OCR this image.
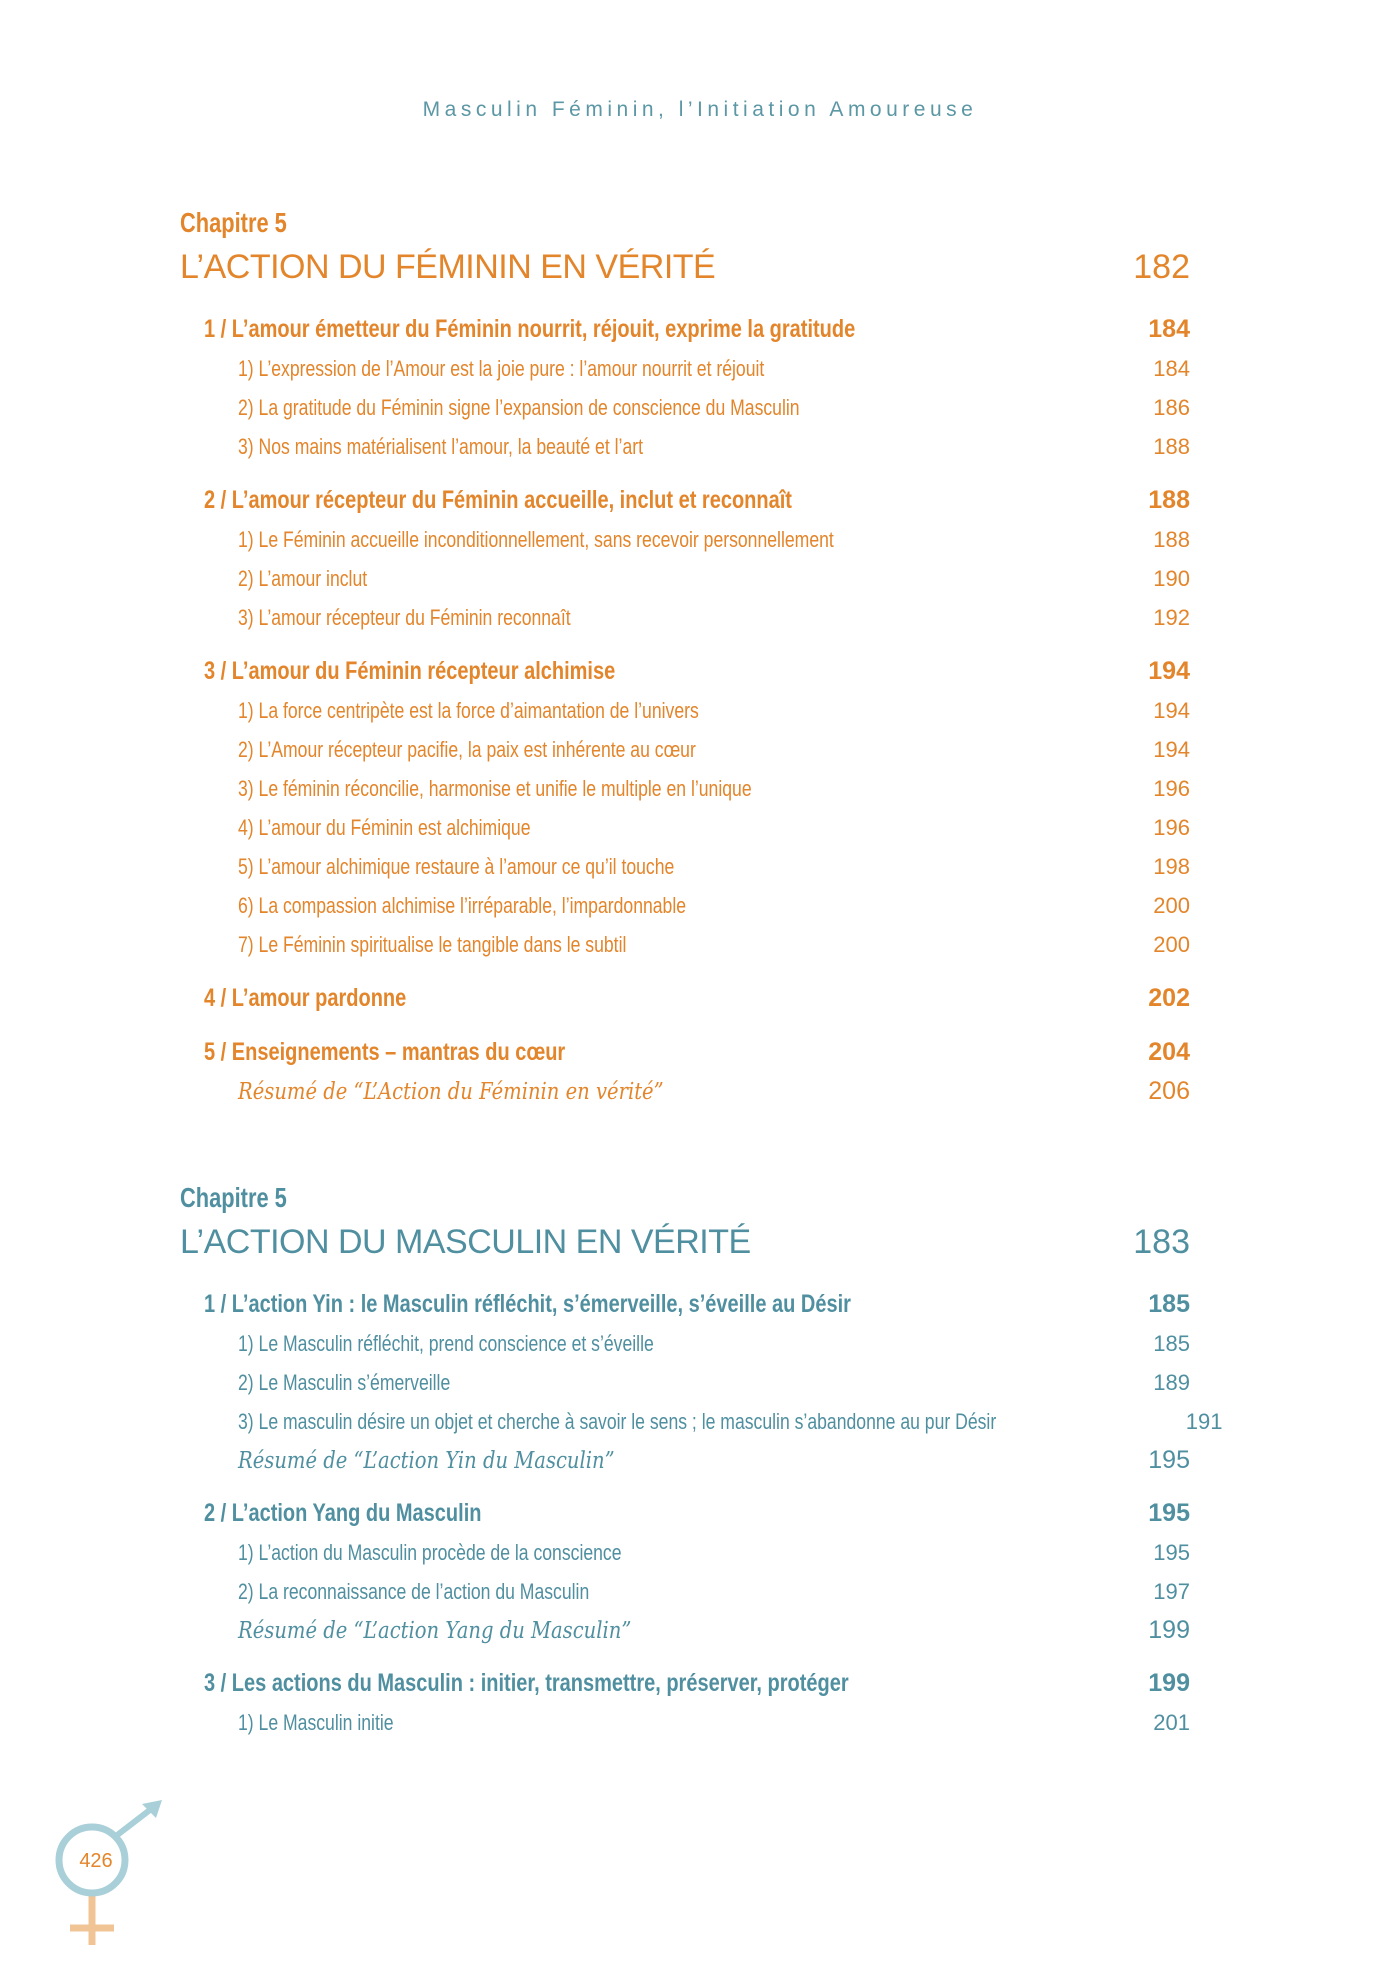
Masculin Féminin, l’Initiation Amoureuse
Chapitre 5
L’ACTION DU FÉMININ EN VÉRITÉ	182
1 / L’amour émetteur du Féminin nourrit, réjouit, exprime la gratitude	184
1) L’expression de l’Amour est la joie pure : l’amour nourrit et réjouit	184
2) La gratitude du Féminin signe l’expansion de conscience du Masculin	186
3) Nos mains matérialisent l’amour, la beauté et l’art	188
2 / L’amour récepteur du Féminin accueille, inclut et reconnaît	188
1) Le Féminin accueille inconditionnellement, sans recevoir personnellement	188
2) L’amour inclut	190
3) L’amour récepteur du Féminin reconnaît	192
3 / L’amour du Féminin récepteur alchimise	194
1) La force centripète est la force d’aimantation de l’univers	194
2) L’Amour récepteur pacifie, la paix est inhérente au cœur	194
3) Le féminin réconcilie, harmonise et unifie le multiple en l’unique	196
4) L’amour du Féminin est alchimique	196
5) L’amour alchimique restaure à l’amour ce qu’il touche	198
6) La compassion alchimise l’irréparable, l’impardonnable	200
7) Le Féminin spiritualise le tangible dans le subtil	200
4 / L’amour pardonne	202
5 / Enseignements – mantras du cœur	204
Résumé de “L’Action du Féminin en vérité”	206
Chapitre 5
L’ACTION DU MASCULIN EN VÉRITÉ	183
1 / L’action Yin : le Masculin réfléchit, s’émerveille, s’éveille au Désir	185
1) Le Masculin réfléchit, prend conscience et s’éveille	185
2) Le Masculin s’émerveille	189
3) Le masculin désire un objet et cherche à savoir le sens ; le masculin s’abandonne au pur Désir	191
Résumé de “L’action Yin du Masculin”	195
2 / L’action Yang du Masculin	195
1) L’action du Masculin procède de la conscience	195
2) La reconnaissance de l’action du Masculin	197
Résumé de “L’action Yang du Masculin”	199
3 / Les actions du Masculin : initier, transmettre, préserver, protéger	199
1) Le Masculin initie	201
426
